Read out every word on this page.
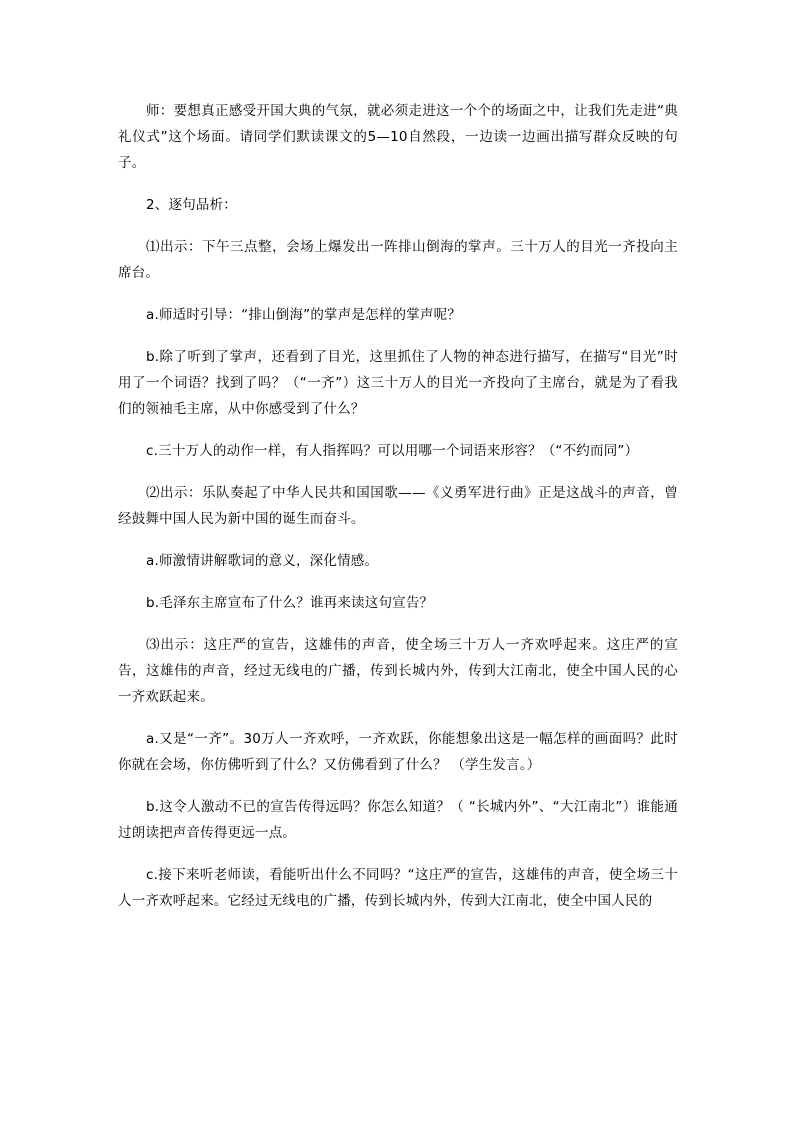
师：要想真正感受开国大典的气氛，就必须走进这一个个的场面之中，让我们先走进“典礼仪式”这个场面。请同学们默读课文的5—10自然段，一边读一边画出描写群众反映的句子。

2、逐句品析：

⑴出示：下午三点整，会场上爆发出一阵排山倒海的掌声。三十万人的目光一齐投向主席台。

a.师适时引导：“排山倒海”的掌声是怎样的掌声呢？

b.除了听到了掌声，还看到了目光，这里抓住了人物的神态进行描写，在描写“目光”时用了一个词语？找到了吗？（“一齐”）这三十万人的目光一齐投向了主席台，就是为了看我们的领袖毛主席，从中你感受到了什么？

c.三十万人的动作一样，有人指挥吗？可以用哪一个词语来形容？（“不约而同”）

⑵出示：乐队奏起了中华人民共和国国歌——《义勇军进行曲》正是这战斗的声音，曾经鼓舞中国人民为新中国的诞生而奋斗。

a.师激情讲解歌词的意义，深化情感。

b.毛泽东主席宣布了什么？谁再来读这句宣告？

⑶出示：这庄严的宣告，这雄伟的声音，使全场三十万人一齐欢呼起来。这庄严的宣告，这雄伟的声音，经过无线电的广播，传到长城内外，传到大江南北，使全中国人民的心一齐欢跃起来。

a.又是“一齐”。30万人一齐欢呼，一齐欢跃，你能想象出这是一幅怎样的画面吗？此时你就在会场，你仿佛听到了什么？又仿佛看到了什么？ （学生发言。）

b.这令人激动不已的宣告传得远吗？你怎么知道？（ “长城内外”、“大江南北”）谁能通过朗读把声音传得更远一点。

c.接下来听老师读，看能听出什么不同吗？“这庄严的宣告，这雄伟的声音，使全场三十人一齐欢呼起来。它经过无线电的广播，传到长城内外，传到大江南北，使全中国人民的
